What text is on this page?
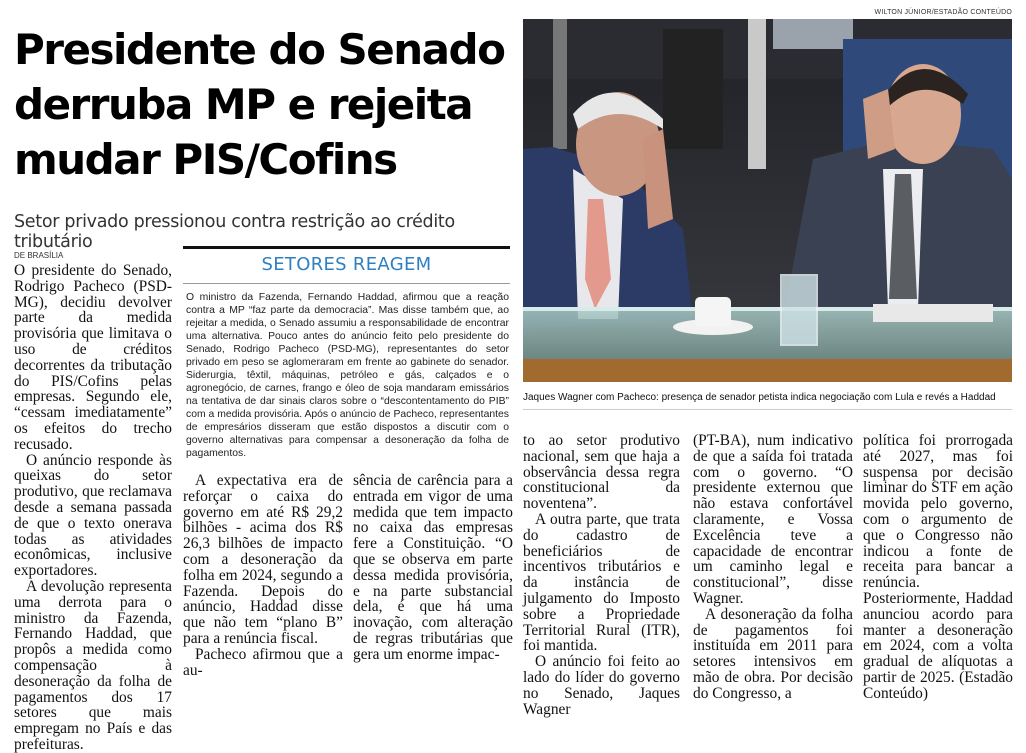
WILTON JÚNIOR/ESTADÃO CONTEÚDO
Presidente do Senado derruba MP e rejeita mudar PIS/Cofins
Setor privado pressionou contra restrição ao crédito tributário
DE BRASÍLIA

O presidente do Senado, Rodrigo Pacheco (PSD-MG), decidiu devolver parte da medida provisória que limitava o uso de créditos decorrentes da tributação do PIS/Cofins pelas empresas. Segundo ele, “cessam imediatamente” os efeitos do trecho recusado.

O anúncio responde às queixas do setor produtivo, que reclamava desde a semana passada de que o texto onerava todas as atividades econômicas, inclusive exportadores.

A devolução representa uma derrota para o ministro da Fazenda, Fernando Haddad, que propôs a medida como compensação à desoneração da folha de pagamentos dos 17 setores que mais empregam no País e das prefeituras.

SETORES REAGEM
O ministro da Fazenda, Fernando Haddad, afirmou que a reação contra a MP “faz parte da democracia”. Mas disse também que, ao rejeitar a medida, o Senado assumiu a responsabilidade de encontrar uma alternativa. Pouco antes do anúncio feito pelo presidente do Senado, Rodrigo Pacheco (PSD-MG), representantes do setor privado em peso se aglomeraram em frente ao gabinete do senador. Siderurgia, têxtil, máquinas, petróleo e gás, calçados e o agronegócio, de carnes, frango e óleo de soja mandaram emissários na tentativa de dar sinais claros sobre o “descontentamento do PIB” com a medida provisória. Após o anúncio de Pacheco, representantes de empresários disseram que estão dispostos a discutir com o governo alternativas para compensar a desoneração da folha de pagamentos.

A expectativa era de reforçar o caixa do governo em até R$ 29,2 bilhões - acima dos R$ 26,3 bilhões de impacto com a desoneração da folha em 2024, segundo a Fazenda. Depois do anúncio, Haddad disse que não tem “plano B” para a renúncia fiscal.

Pacheco afirmou que a au-

sência de carência para a entrada em vigor de uma medida que tem impacto no caixa das empresas fere a Constituição. “O que se observa em parte dessa medida provisória, e na parte substancial dela, é que há uma inovação, com alteração de regras tributárias que gera um enorme impac-

Jaques Wagner com Pacheco: presença de senador petista indica negociação com Lula e revés a Haddad

to ao setor produtivo nacional, sem que haja a observância dessa regra constitucional da noventena”.

A outra parte, que trata do cadastro de beneficiários de incentivos tributários e da instância de julgamento do Imposto sobre a Propriedade Territorial Rural (ITR), foi mantida.

O anúncio foi feito ao lado do líder do governo no Senado, Jaques Wagner

(PT-BA), num indicativo de que a saída foi tratada com o governo. “O presidente externou que não estava confortável claramente, e Vossa Excelência teve a capacidade de encontrar um caminho legal e constitucional”, disse Wagner.

A desoneração da folha de pagamentos foi instituída em 2011 para setores intensivos em mão de obra. Por decisão do Congresso, a

política foi prorrogada até 2027, mas foi suspensa por decisão liminar do STF em ação movida pelo governo, com o argumento de que o Congresso não indicou a fonte de receita para bancar a renúncia. Posteriormente, Haddad anunciou acordo para manter a desoneração em 2024, com a volta gradual de alíquotas a partir de 2025. (Estadão Conteúdo)
